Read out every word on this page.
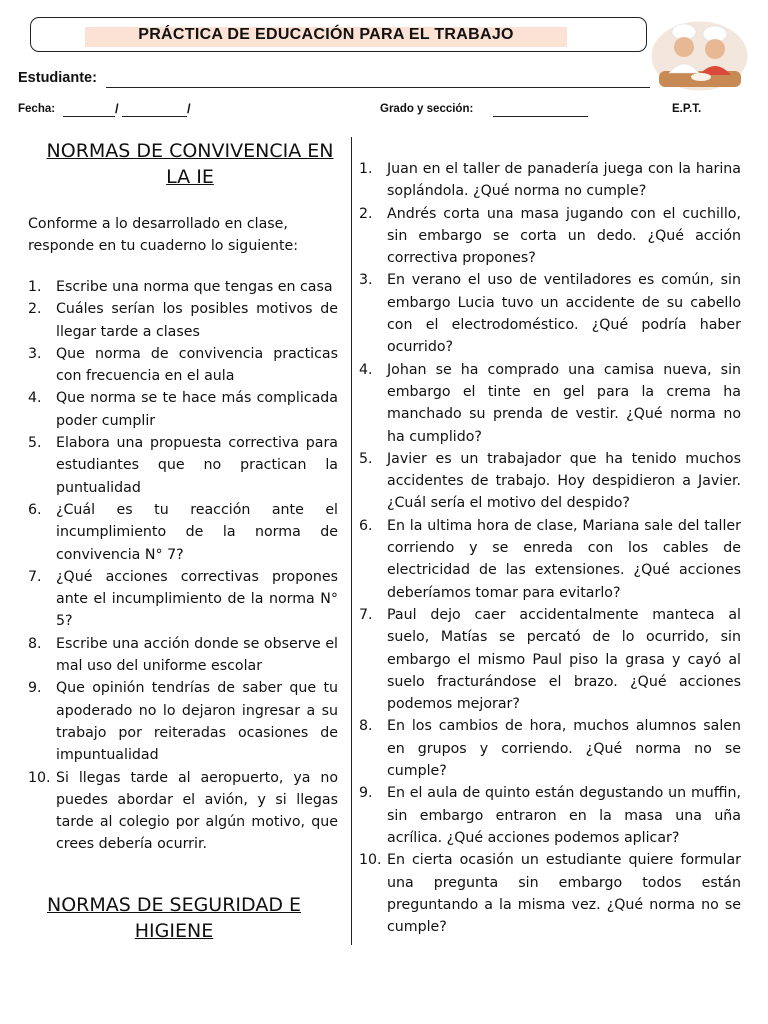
PRÁCTICA DE EDUCACIÓN PARA EL TRABAJO
Estudiante:
Fecha:	/	/	Grado y sección:	E.P.T.
NORMAS DE CONVIVENCIA EN LA IE
Conforme a lo desarrollado en clase, responde en tu cuaderno lo siguiente:
1. Escribe una norma que tengas en casa
2. Cuáles serían los posibles motivos de llegar tarde a clases
3. Que norma de convivencia practicas con frecuencia en el aula
4. Que norma se te hace más complicada poder cumplir
5. Elabora una propuesta correctiva para estudiantes que no practican la puntualidad
6. ¿Cuál es tu reacción ante el incumplimiento de la norma de convivencia N° 7?
7. ¿Qué acciones correctivas propones ante el incumplimiento de la norma N° 5?
8. Escribe una acción donde se observe el mal uso del uniforme escolar
9. Que opinión tendrías de saber que tu apoderado no lo dejaron ingresar a su trabajo por reiteradas ocasiones de impuntualidad
10. Si llegas tarde al aeropuerto, ya no puedes abordar el avión, y si llegas tarde al colegio por algún motivo, que crees debería ocurrir.
NORMAS DE SEGURIDAD E HIGIENE
1. Juan en el taller de panadería juega con la harina soplándola. ¿Qué norma no cumple?
2. Andrés corta una masa jugando con el cuchillo, sin embargo se corta un dedo. ¿Qué acción correctiva propones?
3. En verano el uso de ventiladores es común, sin embargo Lucia tuvo un accidente de su cabello con el electrodoméstico. ¿Qué podría haber ocurrido?
4. Johan se ha comprado una camisa nueva, sin embargo el tinte en gel para la crema ha manchado su prenda de vestir. ¿Qué norma no ha cumplido?
5. Javier es un trabajador que ha tenido muchos accidentes de trabajo. Hoy despidieron a Javier. ¿Cuál sería el motivo del despido?
6. En la ultima hora de clase, Mariana sale del taller corriendo y se enreda con los cables de electricidad de las extensiones. ¿Qué acciones deberíamos tomar para evitarlo?
7. Paul dejo caer accidentalmente manteca al suelo, Matías se percató de lo ocurrido, sin embargo el mismo Paul piso la grasa y cayó al suelo fracturándose el brazo. ¿Qué acciones podemos mejorar?
8. En los cambios de hora, muchos alumnos salen en grupos y corriendo. ¿Qué norma no se cumple?
9. En el aula de quinto están degustando un muffin, sin embargo entraron en la masa una uña acrílica. ¿Qué acciones podemos aplicar?
10. En cierta ocasión un estudiante quiere formular una pregunta sin embargo todos están preguntando a la misma vez. ¿Qué norma no se cumple?
